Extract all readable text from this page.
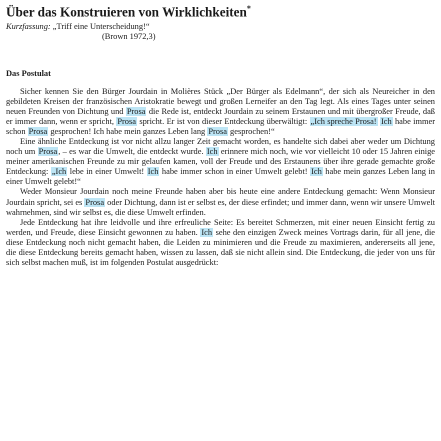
Über das Konstruieren von Wirklichkeiten*
Kurzfassung: „Triff eine Unterscheidung!“
(Brown 1972,3)
Das Postulat

Sicher kennen Sie den Bürger Jourdain in Molières Stück „Der Bürger als Edelmann“, der sich als Neureicher in den gebildeten Kreisen der französischen Aristokratie bewegt und großen Lerneifer an den Tag legt. Als eines Tages unter seinen neuen Freunden von Dichtung und Prosa die Rede ist, entdeckt Jourdain zu seinem Erstaunen und mit übergroßer Freude, daß er immer dann, wenn er spricht, Prosa spricht. Er ist von dieser Entdeckung überwältigt: „Ich spreche Prosa! Ich habe immer schon Prosa gesprochen! Ich habe mein ganzes Leben lang Prosa gesprochen!“

Eine ähnliche Entdeckung ist vor nicht allzu langer Zeit gemacht worden, es handelte sich dabei aber weder um Dichtung noch um Prosa, – es war die Umwelt, die entdeckt wurde. Ich erinnere mich noch, wie vor vielleicht 10 oder 15 Jahren einige meiner amerikanischen Freunde zu mir gelaufen kamen, voll der Freude und des Erstaunens über ihre gerade gemachte große Entdeckung: „Ich lebe in einer Umwelt! Ich habe immer schon in einer Umwelt gelebt! Ich habe mein ganzes Leben lang in einer Umwelt gelebt!“

Weder Monsieur Jourdain noch meine Freunde haben aber bis heute eine andere Entdeckung gemacht: Wenn Monsieur Jourdain spricht, sei es Prosa oder Dichtung, dann ist er selbst es, der diese erfindet; und immer dann, wenn wir unsere Umwelt wahrnehmen, sind wir selbst es, die diese Umwelt erfinden.

Jede Entdeckung hat ihre leidvolle und ihre erfreuliche Seite: Es bereitet Schmerzen, mit einer neuen Einsicht fertig zu werden, und Freude, diese Einsicht gewonnen zu haben. Ich sehe den einzigen Zweck meines Vortrags darin, für all jene, die diese Entdeckung noch nicht gemacht haben, die Leiden zu minimieren und die Freude zu maximieren, andererseits all jene, die diese Entdeckung bereits gemacht haben, wissen zu lassen, daß sie nicht allein sind. Die Entdeckung, die jeder von uns für sich selbst machen muß, ist im folgenden Postulat ausgedrückt:
